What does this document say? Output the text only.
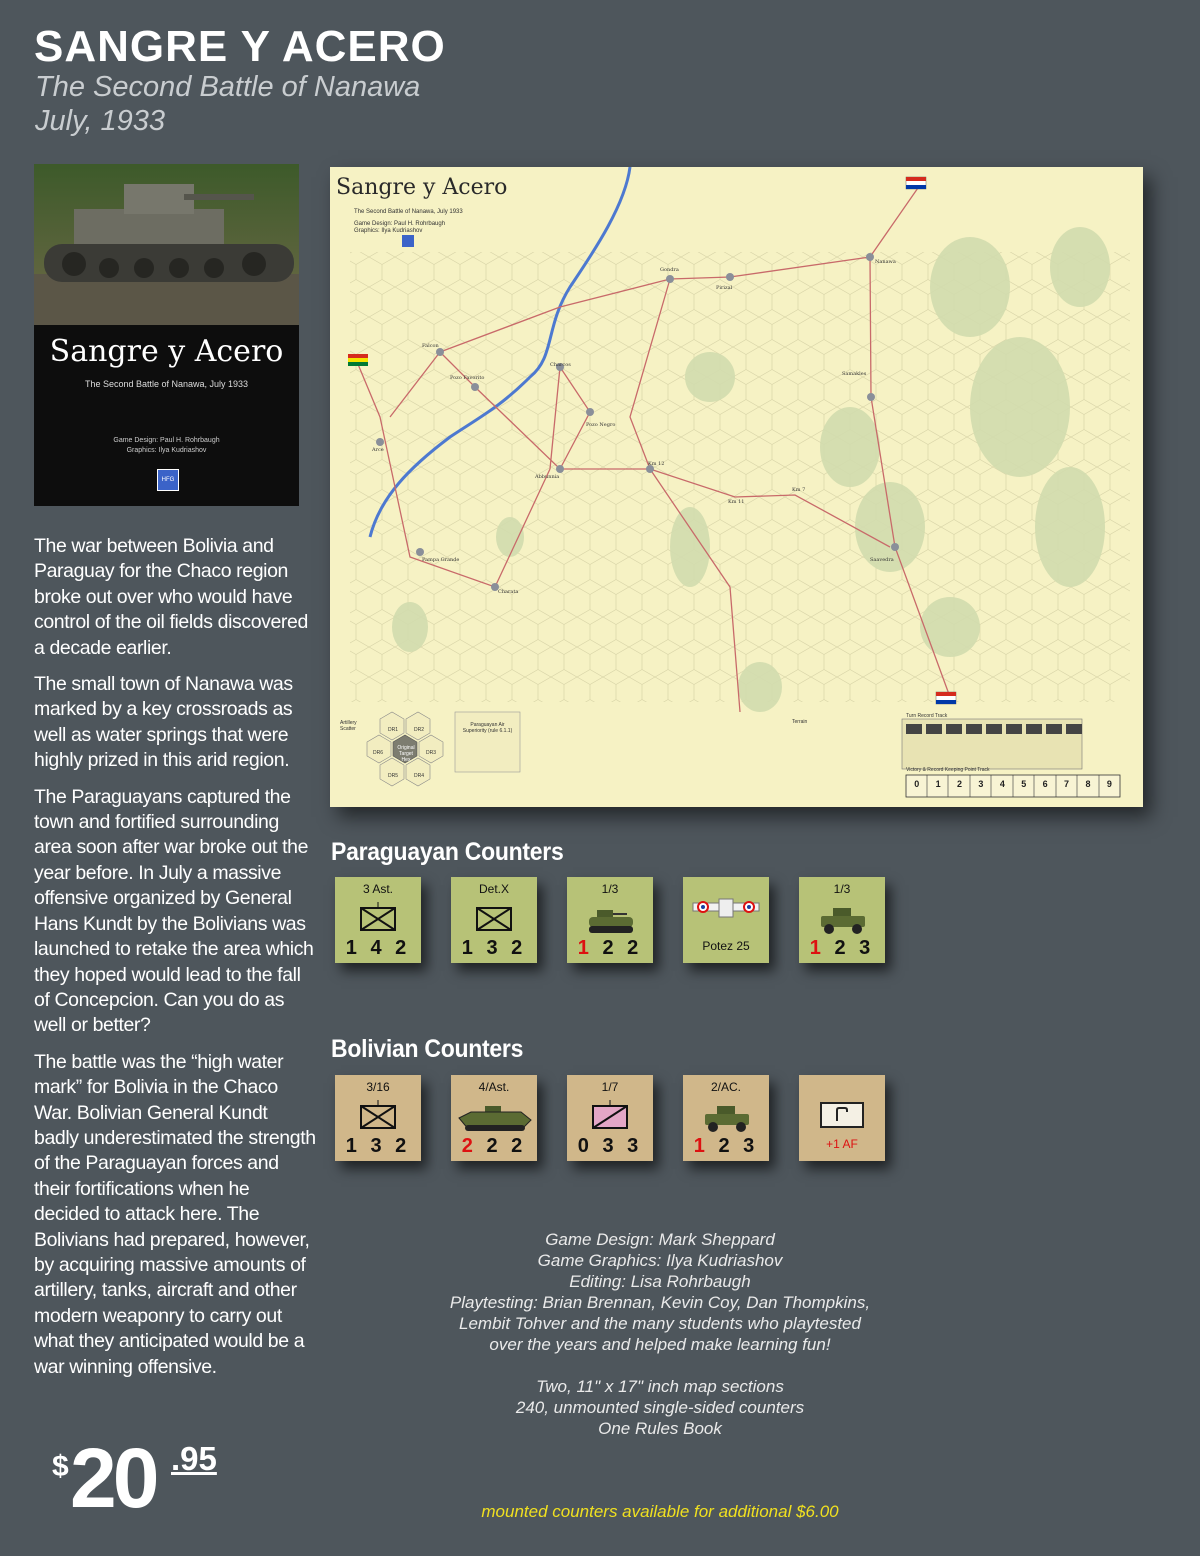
SANGRE Y ACERO
The Second Battle of Nanawa
July, 1933
Sangre y Acero
The Second Battle of Nanawa, July 1933
Game Design: Paul H. Rohrbaugh
Graphics: Ilya Kudriashov
HFG

The war between Bolivia and Paraguay for the Chaco region broke out over who would have control of the oil fields discovered a decade earlier.

The small town of Nanawa was marked by a key crossroads as well as water springs that were highly prized in this arid region.

The Paraguayans captured the town and fortified surrounding area soon after war broke out the year before. In July a massive offensive organized by General Hans Kundt by the Bolivians was launched to retake the area which they hoped would lead to the fall of Concepcion. Can you do as well or better?

The battle was the “high water mark” for Bolivia in the Chaco War. Bolivian General Kundt badly underestimated the strength of the Paraguayan forces and their fortifications when he decided to attack here. The Bolivians had prepared, however, by acquiring massive amounts of artillery, tanks, aircraft and other modern weaponry to carry out what they anticipated would be a war winning offensive.

Sangre y Acero
The Second Battle of Nanawa, July 1933
Game Design: Paul H. Rohrbaugh
Graphics: Ilya Kudriashov
Nanawa
Gondra
Pirizal
Falcon
Pozo Favorito
Charcos
Pozo Negro
Abbunnia
Km 12
Km 11
Km 7
Arce
Pampa Grande
Charata
Saavedra
Samakles
Artillery Scatter	DR1	DR2
DR3
DR4
DR5
DR6
Original Target Hex
Paraguayan Air Superiority (rule 6.1.1)
Terrain
Turn Record Track
Victory & Record Keeping Point Track
0	1	2	3	4	5	6	7	8	9
Paraguayan Counters
3 Ast.
1 4 2
Det.X
1 3 2
1/3
1 2 2	Potez 25
1/3
1 2 3
Bolivian Counters
3/16
1 3 2
4/Ast.
2 2 2
1/7
0 3 3
2/AC.
1 2 3	+1 AF

Game Design: Mark Sheppard

Game Graphics: Ilya Kudriashov

Editing: Lisa Rohrbaugh

Playtesting: Brian Brennan, Kevin Coy, Dan Thompkins,

Lembit Tohver and the many students who playtested

over the years and helped make learning fun!

Two, 11" x 17" inch map sections

240, unmounted single-sided counters

One Rules Book

$ 20 .95
mounted counters available for additional $6.00
